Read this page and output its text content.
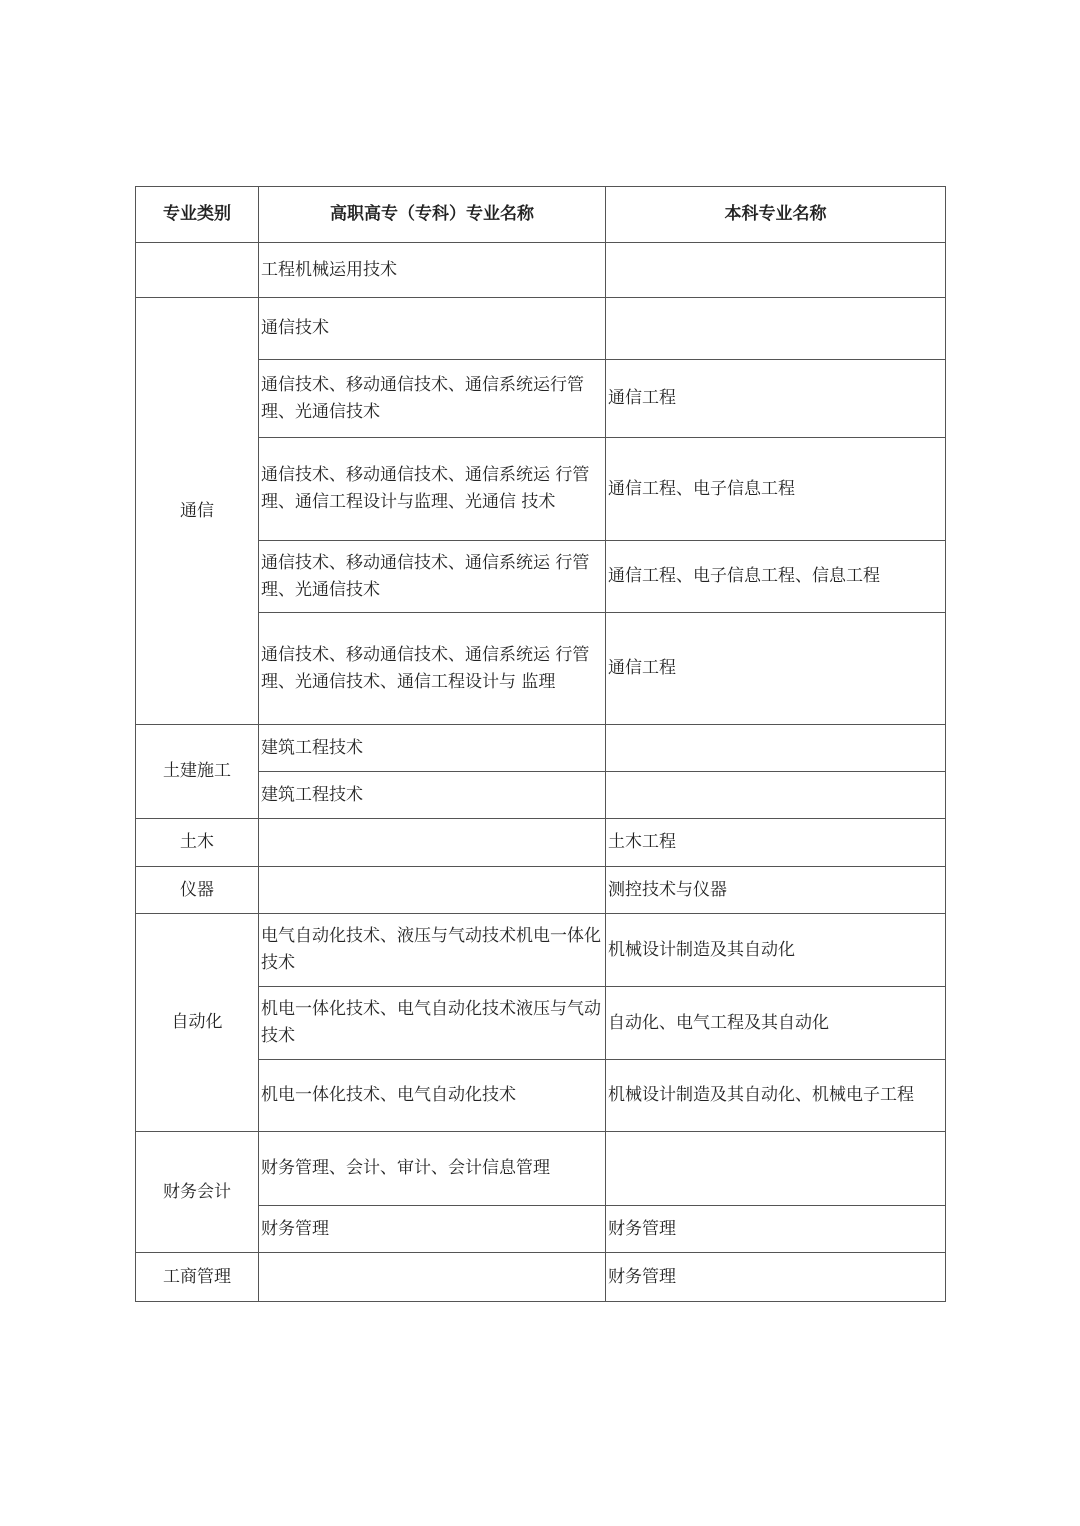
专业类别	高职高专（专科）专业名称	本科专业名称
	工程机械运用技术	
通信	通信技术	
	通信技术、移动通信技术、通信系统运行管理、光通信技术	通信工程
	通信技术、移动通信技术、通信系统运 行管理、通信工程设计与监理、光通信 技术	通信工程、电子信息工程
	通信技术、移动通信技术、通信系统运 行管理、光通信技术	通信工程、电子信息工程、信息工程
	通信技术、移动通信技术、通信系统运 行管理、光通信技术、通信工程设计与 监理	通信工程
土建施工	建筑工程技术	
	建筑工程技术	
土木		土木工程
仪器		测控技术与仪器
自动化	电气自动化技术、液压与气动技术机电一体化技术	机械设计制造及其自动化
	机电一体化技术、电气自动化技术液压与气动技术	自动化、电气工程及其自动化
	机电一体化技术、电气自动化技术	机械设计制造及其自动化、机械电子工程
财务会计	财务管理、会计、审计、会计信息管理	
	财务管理	财务管理
工商管理		财务管理
